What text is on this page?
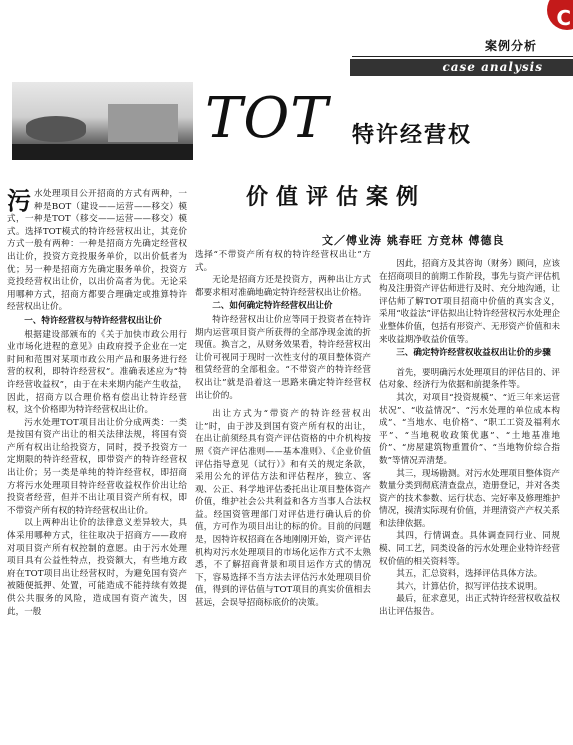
C
案例分析
case analysis
TOT 特许经营权
价值评估案例
文／傅业涛 姚春旺 方竞林 傅德良
污 水处理项目公开招商的方式有两种，一种是BOT（建设——运营——移交）模式，一种是TOT（移交——运营——移交）模式。选择TOT模式的特许经营权出让，其竞价方式一般有两种：一种是招商方先确定经营权出让价，投资方竞投服务单价，以出价低者为优；另一种是招商方先确定服务单价，投资方竞投经营权出让价，以出价高者为优。无论采用哪种方式，招商方都要合理确定或推算特许经营权出让价。

一、特许经营权与特许经营权出让价

根据建设部颁布的《关于加快市政公用行业市场化进程的意见》由政府授予企业在一定时间和范围对某项市政公用产品和服务进行经营的权利，即特许经营权”。准确表述应为“特许经营收益权”，由于在未来期内能产生收益，因此，招商方以合理价格有偿出让特许经营权，这个价格即为特许经营权出让价。

污水处理TOT项目出让价分成两类：一类是按国有资产出让的相关法律法规，将国有资产所有权出让给投资方，同时，授予投资方一定期限的特许经营权，即带资产的特许经营权出让价；另一类是单纯的特许经营权，即招商方将污水处理项目特许经营收益权作价出让给投资者经营，但并不出让项目资产所有权，即不带资产所有权的特许经营权出让价。

以上两种出让价的法律意义差异较大，具体采用哪种方式，往往取决于招商方——政府对项目资产所有权控制的意愿。由于污水处理项目具有公益性特点，投资额大，有些地方政府在TOT项目出让经营权时，为避免国有资产被随便抵押、处置，可能造成不能持续有效提供公共服务的风险，造成国有资产流失，因此，一般

选择“不带资产所有权的特许经营权出让”方式。

无论是招商方还是投资方，两种出让方式都要求相对准确地确定特许经营权出让价格。

二、如何确定特许经营权出让价

特许经营权出让价应等同于投资者在特许期内运营项目资产所获得的全部净现金流的折现值。换言之，从财务效果看，特许经营权出让价可视同于现时一次性支付的项目整体资产租赁经营的全部租金。“不带资产的特许经营权出让”就是沿着这一思路来确定特许经营权出让价的。

出让方式为“带资产的特许经营权出让”时，由于涉及到国有资产所有权的出让，在出让前须经具有资产评估资格的中介机构按照《资产评估准则——基本准则》、《企业价值评估指导意见（试行）》和有关的规定条款，采用公允的评估方法和评估程序，独立、客观、公正、科学地评估委托出让项目整体资产价值，维护社会公共利益和各方当事人合法权益。经国资管理部门对评估进行确认后的价值，方可作为项目出让的标的价。目前的问题是，因特许权招商在各地刚刚开始，资产评估机构对污水处理项目的市场化运作方式不太熟悉，不了解招商背景和项目运作方式的情况下，容易选择不当方法去评估污水处理项目价值，得到的评估值与TOT项目的真实价值相去甚远，会误导招商标底价的决策。

因此，招商方及其咨询（财务）顾问，应该在招商项目的前期工作阶段，事先与资产评估机构及注册资产评估师进行及时、充分地沟通，让评估师了解TOT项目招商中价值的真实含义，采用“收益法”评估拟出让特许经营权污水处理企业整体价值，包括有形资产、无形资产价值和未来收益期净收益价值等。

三、确定特许经营权收益权出让价的步骤

首先，要明确污水处理项目的评估目的、评估对象、经济行为依据和前提条件等。

其次，对项目“投资规模”、“近三年来运营状况”、“收益情况”、“污水处理的单位成本构成”、“当地水、电价格”、“职工工资及福利水平”、“当地税收政策优惠”、“土地基准地价”、“房屋建筑物重置价”、“当地物价综合指数”等情况弄清楚。

其三，现场勘测。对污水处理项目整体资产数量分类到彻底清查盘点，造册登记，并对各类资产的技术参数、运行状态、完好率及修理维护情况，摸清实际现有价值，并理清资产产权关系和法律依据。

其四，行情调查。具体调查同行业、同规模、同工艺，同类设备的污水处理企业特许经营权价值的相关资料等。

其五，汇总资料，选择评估具体方法。

其六，计算估价，拟写评估技术说明。

最后，征求意见，出正式特许经营权收益权出让评估报告。
